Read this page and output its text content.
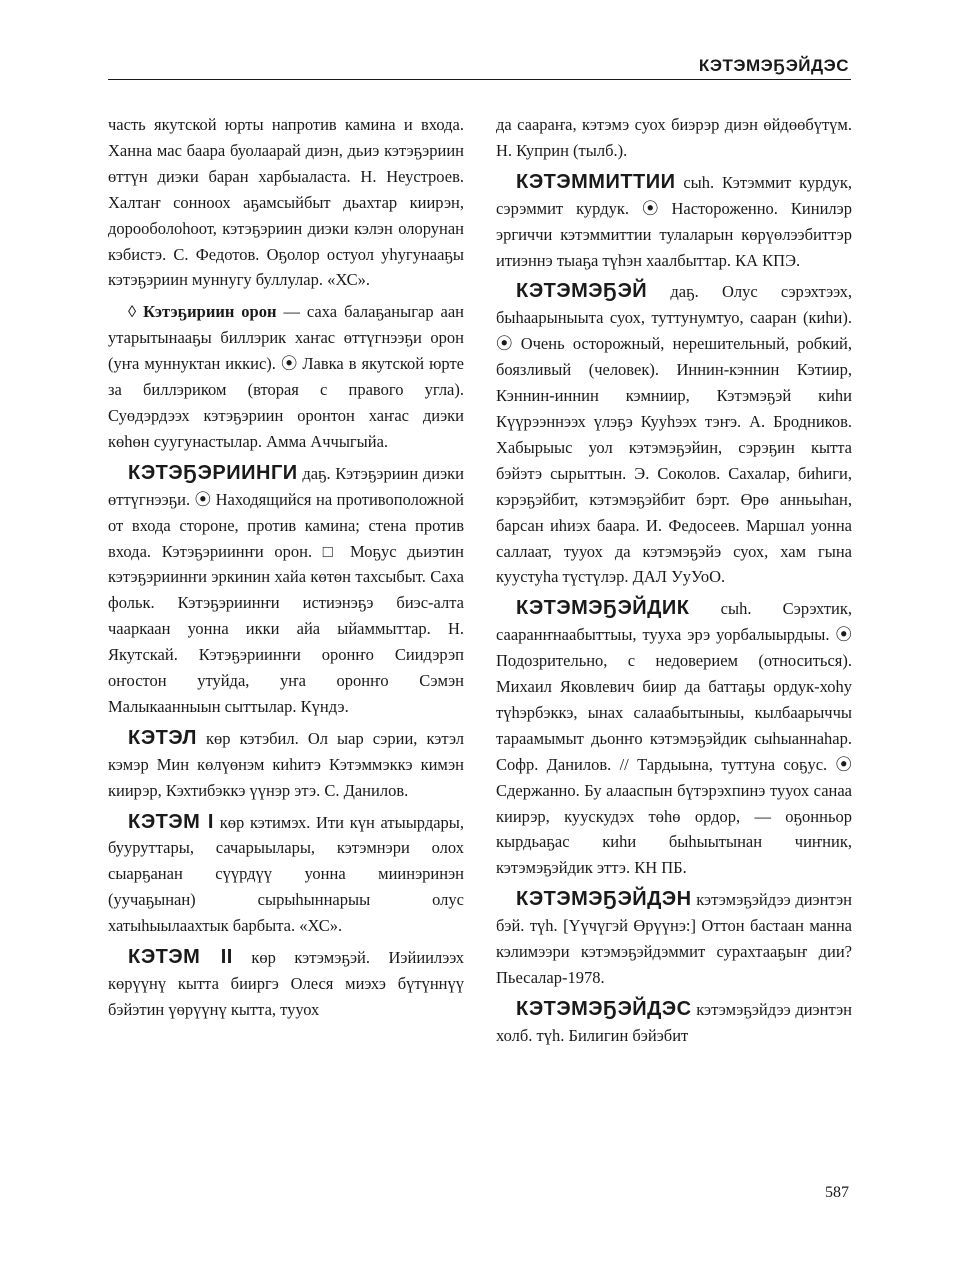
КЭТЭМЭҔЭЙДЭС

часть якутской юрты напротив камина и входа. Ханна мас баара буолаарай диэн, дьиэ кэтэҕэриин өттүн диэки баран харбыаласта. Н. Неустроев. Халтаҥ сонноох аҕамсыйбыт дьахтар киирэн, дорооболоһоот, кэтэҕэриин диэки кэлэн олорунан кэбистэ. С. Федотов. Оҕолор остуол уһугунааҕы кэтэҕэриин муннугу буллулар. «ХС».

◊ Кэтэҕириин орон — саха балаҕаныгар аан утарытынааҕы биллэрик хаҥас өттүгнээҕи орон (уҥа муннуктан иккис). ⦿ Лавка в якутской юрте за биллэриком (вторая с правого угла). Суөдэрдээх кэтэҕэриин оронтон хаҥас диэки көһөн суугунастылар. Амма Аччыгыйа.

КЭТЭҔЭРИИНГИ даҕ. Кэтэҕэриин диэки өттүгнээҕи. ⦿ Находящийся на противоположной от входа стороне, против камина; стена против входа. Кэтэҕэриинҥи орон. □ Моҕус дьиэтин кэтэҕэриинҥи эркинин хайа көтөн тахсыбыт. Саха фольк. Кэтэҕэриинҥи истиэнэҕэ биэс-алта чааркаан уонна икки айа ыйаммыттар. Н. Якутскай. Кэтэҕэриинҥи оронҥо Сиидэрэп оҥостон утуйда, уҥа оронҥо Сэмэн Малыкаанныын сыттылар. Күндэ.

КЭТЭЛ көр кэтэбил. Ол ыар сэрии, кэтэл кэмэр Мин көлүөнэм киһитэ Кэтэммэккэ кимэн киирэр, Кэхтибэккэ үүнэр этэ. С. Данилов.

КЭТЭМ I көр кэтимэх. Ити күн атыырдары, бууруттары, сачарыылары, кэтэмнэри олох сыарҕанан сүүрдүү уонна миинэринэн (уучаҕынан) сырыһыннарыы олус хатыһыылаахтык барбыта. «ХС».

КЭТЭМ II көр кэтэмэҕэй. Иэйиилээх көрүүнү кытта бииргэ Олеся миэхэ бүтүннүү бэйэтин үөрүүнү кытта, тууох

да саараҥа, кэтэмэ суох биэрэр диэн өйдөөбүтүм. Н. Куприн (тылб.).

КЭТЭММИТТИИ сыһ. Кэтэммит курдук, сэрэммит курдук. ⦿ Настороженно. Кинилэр эргиччи кэтэммиттии тулаларын көрүөлээбиттэр итиэннэ тыаҕа түһэн хаалбыттар. КА КПЭ.

КЭТЭМЭҔЭЙ даҕ. Олус сэрэхтээх, быһаарыныыта суох, туттунумтуо, сааран (киһи). ⦿ Очень осторожный, нерешительный, робкий, боязливый (человек). Иннин-кэннин Кэтиир, Кэннин-иннин кэмниир, Кэтэмэҕэй киһи Күүрээннээх үлэҕэ Кууһээх тэҥэ. А. Бродников. Хабырыыс уол кэтэмэҕэйин, сэрэҕин кытта бэйэтэ сырыттын. Э. Соколов. Сахалар, биһиги, кэрэҕэйбит, кэтэмэҕэйбит бэрт. Өрө анньыһан, барсан иһиэх баара. И. Федосеев. Маршал уонна саллаат, тууох да кэтэмэҕэйэ суох, хам гына куустуһа түстүлэр. ДАЛ УуУоО.

КЭТЭМЭҔЭЙДИК сыһ. Сэрэхтик, сааранҥнаабыттыы, тууха эрэ уорбалыырдыы. ⦿ Подозрительно, с недоверием (относиться). Михаил Яковлевич биир да баттаҕы ордук-хоһу түһэрбэккэ, ынах салаабытыныы, кылбаарыччы тараамымыт дьонҥо кэтэмэҕэйдик сыһыаннаһар. Софр. Данилов. // Тардыына, туттуна соҕус. ⦿ Сдержанно. Бу алааспын бүтэрэхпинэ тууох санаа киирэр, куускудэх төһө ордор, — оҕонньор кырдьаҕас киһи быһыытынан чиҥник, кэтэмэҕэйдик эттэ. КН ПБ.

КЭТЭМЭҔЭЙДЭН кэтэмэҕэйдээ диэнтэн бэй. түһ. [Үүчүгэй Өрүүнэ:] Оттон бастаан манна кэлимээри кэтэмэҕэйдэммит сурахтааҕыҥ дии? Пьесалар-1978.

КЭТЭМЭҔЭЙДЭС кэтэмэҕэйдээ диэнтэн холб. түһ. Билигин бэйэбит

587
